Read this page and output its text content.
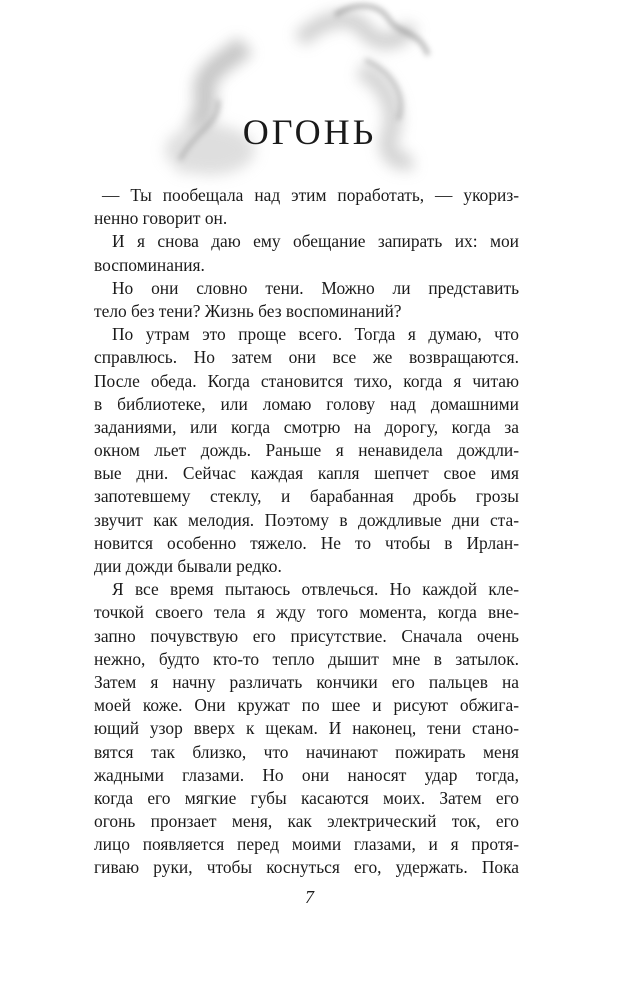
ОГОНЬ
— Ты пообещала над этим поработать, — укориз-
ненно говорит он.
И я снова даю ему обещание запирать их: мои
воспоминания.
Но они словно тени. Можно ли представить
тело без тени? Жизнь без воспоминаний?
По утрам это проще всего. Тогда я думаю, что
справлюсь. Но затем они все же возвращаются.
После обеда. Когда становится тихо, когда я читаю
в библиотеке, или ломаю голову над домашними
заданиями, или когда смотрю на дорогу, когда за
окном льет дождь. Раньше я ненавидела дождли-
вые дни. Сейчас каждая капля шепчет свое имя
запотевшему стеклу, и барабанная дробь грозы
звучит как мелодия. Поэтому в дождливые дни ста-
новится особенно тяжело. Не то чтобы в Ирлан-
дии дожди бывали редко.
Я все время пытаюсь отвлечься. Но каждой кле-
точкой своего тела я жду того момента, когда вне-
запно почувствую его присутствие. Сначала очень
нежно, будто кто-то тепло дышит мне в затылок.
Затем я начну различать кончики его пальцев на
моей коже. Они кружат по шее и рисуют обжига-
ющий узор вверх к щекам. И наконец, тени стано-
вятся так близко, что начинают пожирать меня
жадными глазами. Но они наносят удар тогда,
когда его мягкие губы касаются моих. Затем его
огонь пронзает меня, как электрический ток, его
лицо появляется перед моими глазами, и я протя-
гиваю руки, чтобы коснуться его, удержать. Пока
7
